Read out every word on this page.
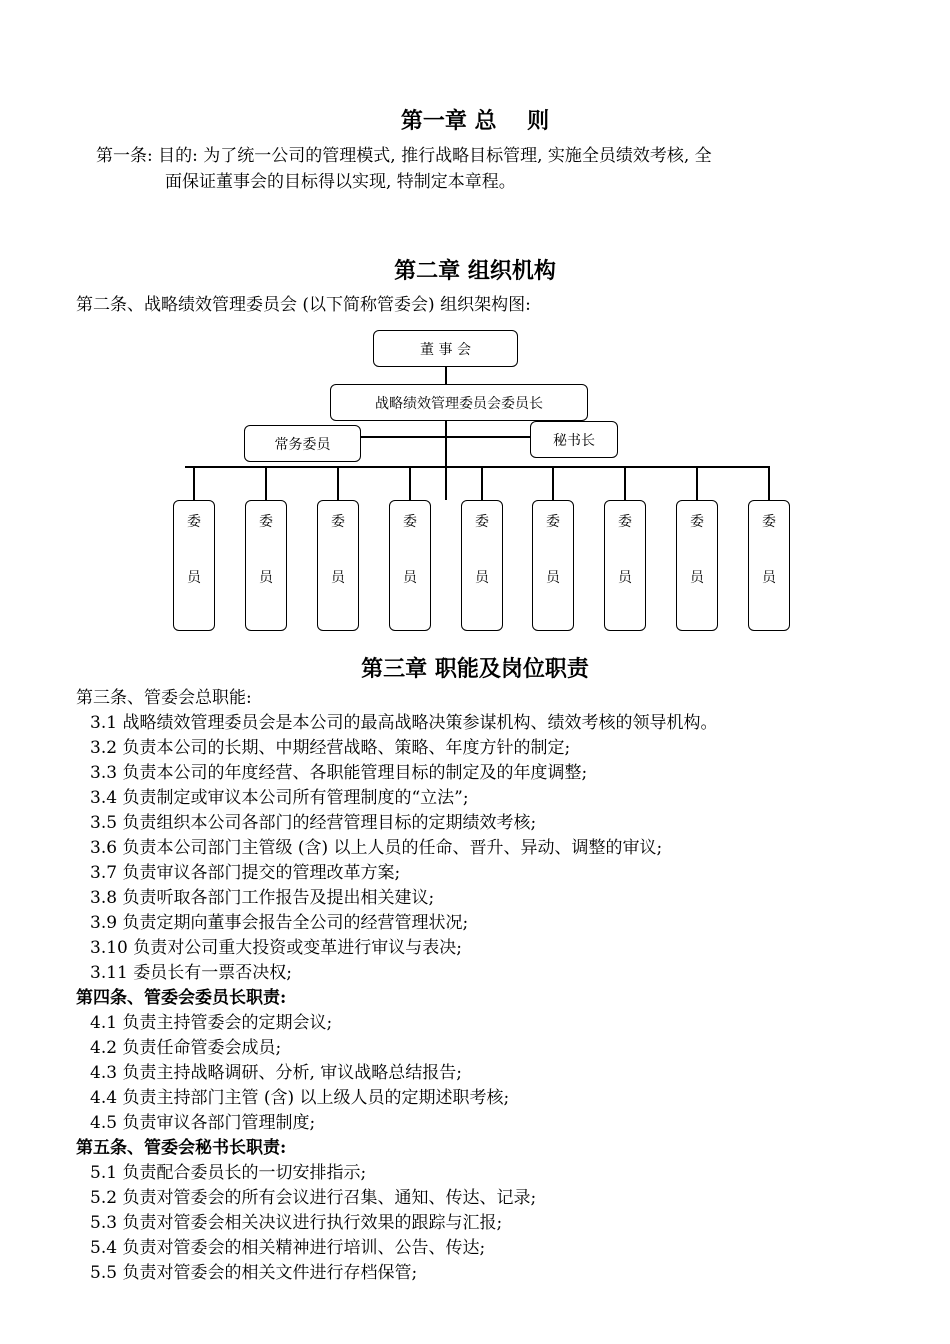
第一章 总    则

第一条: 目的: 为了统一公司的管理模式, 推行战略目标管理, 实施全员绩效考核, 全

面保证董事会的目标得以实现, 特制定本章程。

第二章 组织机构

第二条、战略绩效管理委员会 (以下简称管委会) 组织架构图:

董 事 会
战略绩效管理委员会委员长
常务委员	秘书长
委
员
委
员
委
员
委
员
委
员
委
员
委
员
委
员
委
员
第三章 职能及岗位职责
第三条、管委会总职能:
3.1 战略绩效管理委员会是本公司的最高战略决策参谋机构、绩效考核的领导机构。
3.2 负责本公司的长期、中期经营战略、策略、年度方针的制定;
3.3 负责本公司的年度经营、各职能管理目标的制定及的年度调整;
3.4 负责制定或审议本公司所有管理制度的“立法”;
3.5 负责组织本公司各部门的经营管理目标的定期绩效考核;
3.6 负责本公司部门主管级 (含) 以上人员的任命、晋升、异动、调整的审议;
3.7 负责审议各部门提交的管理改革方案;
3.8 负责听取各部门工作报告及提出相关建议;
3.9 负责定期向董事会报告全公司的经营管理状况;
3.10 负责对公司重大投资或变革进行审议与表决;
3.11 委员长有一票否决权;
第四条、管委会委员长职责:
4.1 负责主持管委会的定期会议;
4.2 负责任命管委会成员;
4.3 负责主持战略调研、分析, 审议战略总结报告;
4.4 负责主持部门主管 (含) 以上级人员的定期述职考核;
4.5 负责审议各部门管理制度;
第五条、管委会秘书长职责:
5.1 负责配合委员长的一切安排指示;
5.2 负责对管委会的所有会议进行召集、通知、传达、记录;
5.3 负责对管委会相关决议进行执行效果的跟踪与汇报;
5.4 负责对管委会的相关精神进行培训、公告、传达;
5.5 负责对管委会的相关文件进行存档保管;
